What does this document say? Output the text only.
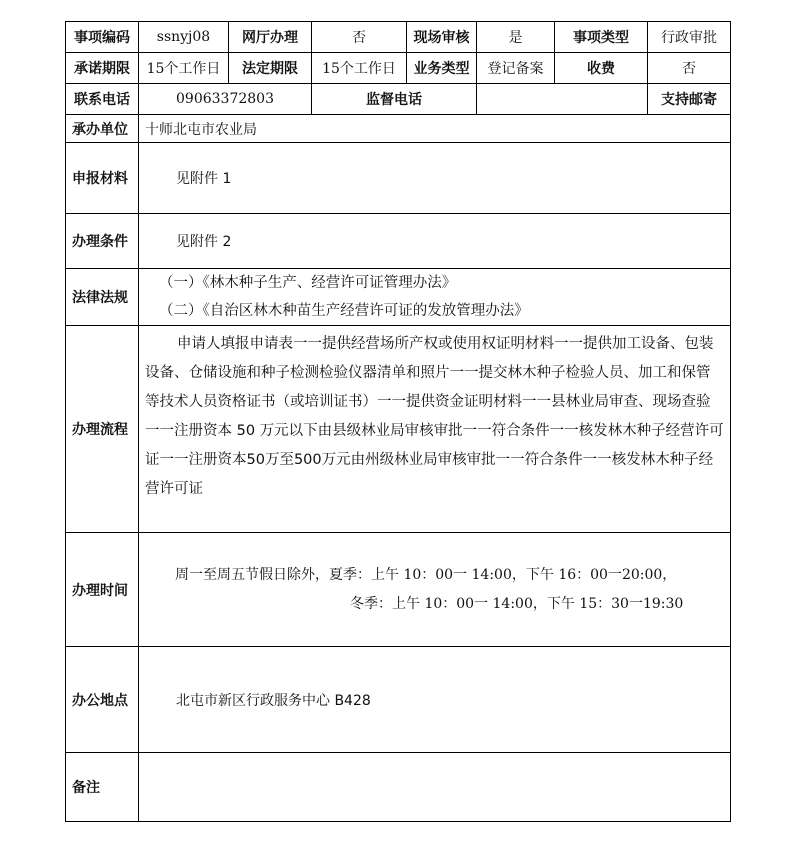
事项编码	ssnyj08	网厅办理	否	现场审核	是	事项类型	行政审批	
承诺期限	15个工作日	法定期限	15个工作日	业务类型	登记备案	收费	否	
联系电话	09063372803		监督电话				支持邮寄	
承办单位	十师北屯市农业局							
申报材料	见附件 1							

办理条件	见附件 2							

法律法规	（一）《林木种子生产、经营许可证管理办法》
（二）《自治区林木种苗生产经营许可证的发放管理办法》							

办理流程	申请人填报申请表一一提供经营场所产权或使用权证明材料一一提供加工设备、包装设备、仓储设施和种子检测检验仪器清单和照片一一提交林木种子检验人员、加工和保管等技术人员资格证书（或培训证书）一一提供资金证明材料一一县林业局审查、现场查验一一注册资本 50 万元以下由县级林业局审核审批一一符合条件一一核发林木种子经营许可证一一注册资本50万至500万元由州级林业局审核审批一一符合条件一一核发林木种子经营许可证							

办理时间	周一至周五节假日除外，夏季：上午 10：00一 14:00，下午 16：00一20:00，
冬季：上午 10：00一 14:00，下午 15：30一19:30							

办公地点	北屯市新区行政服务中心 B428							

备注								
